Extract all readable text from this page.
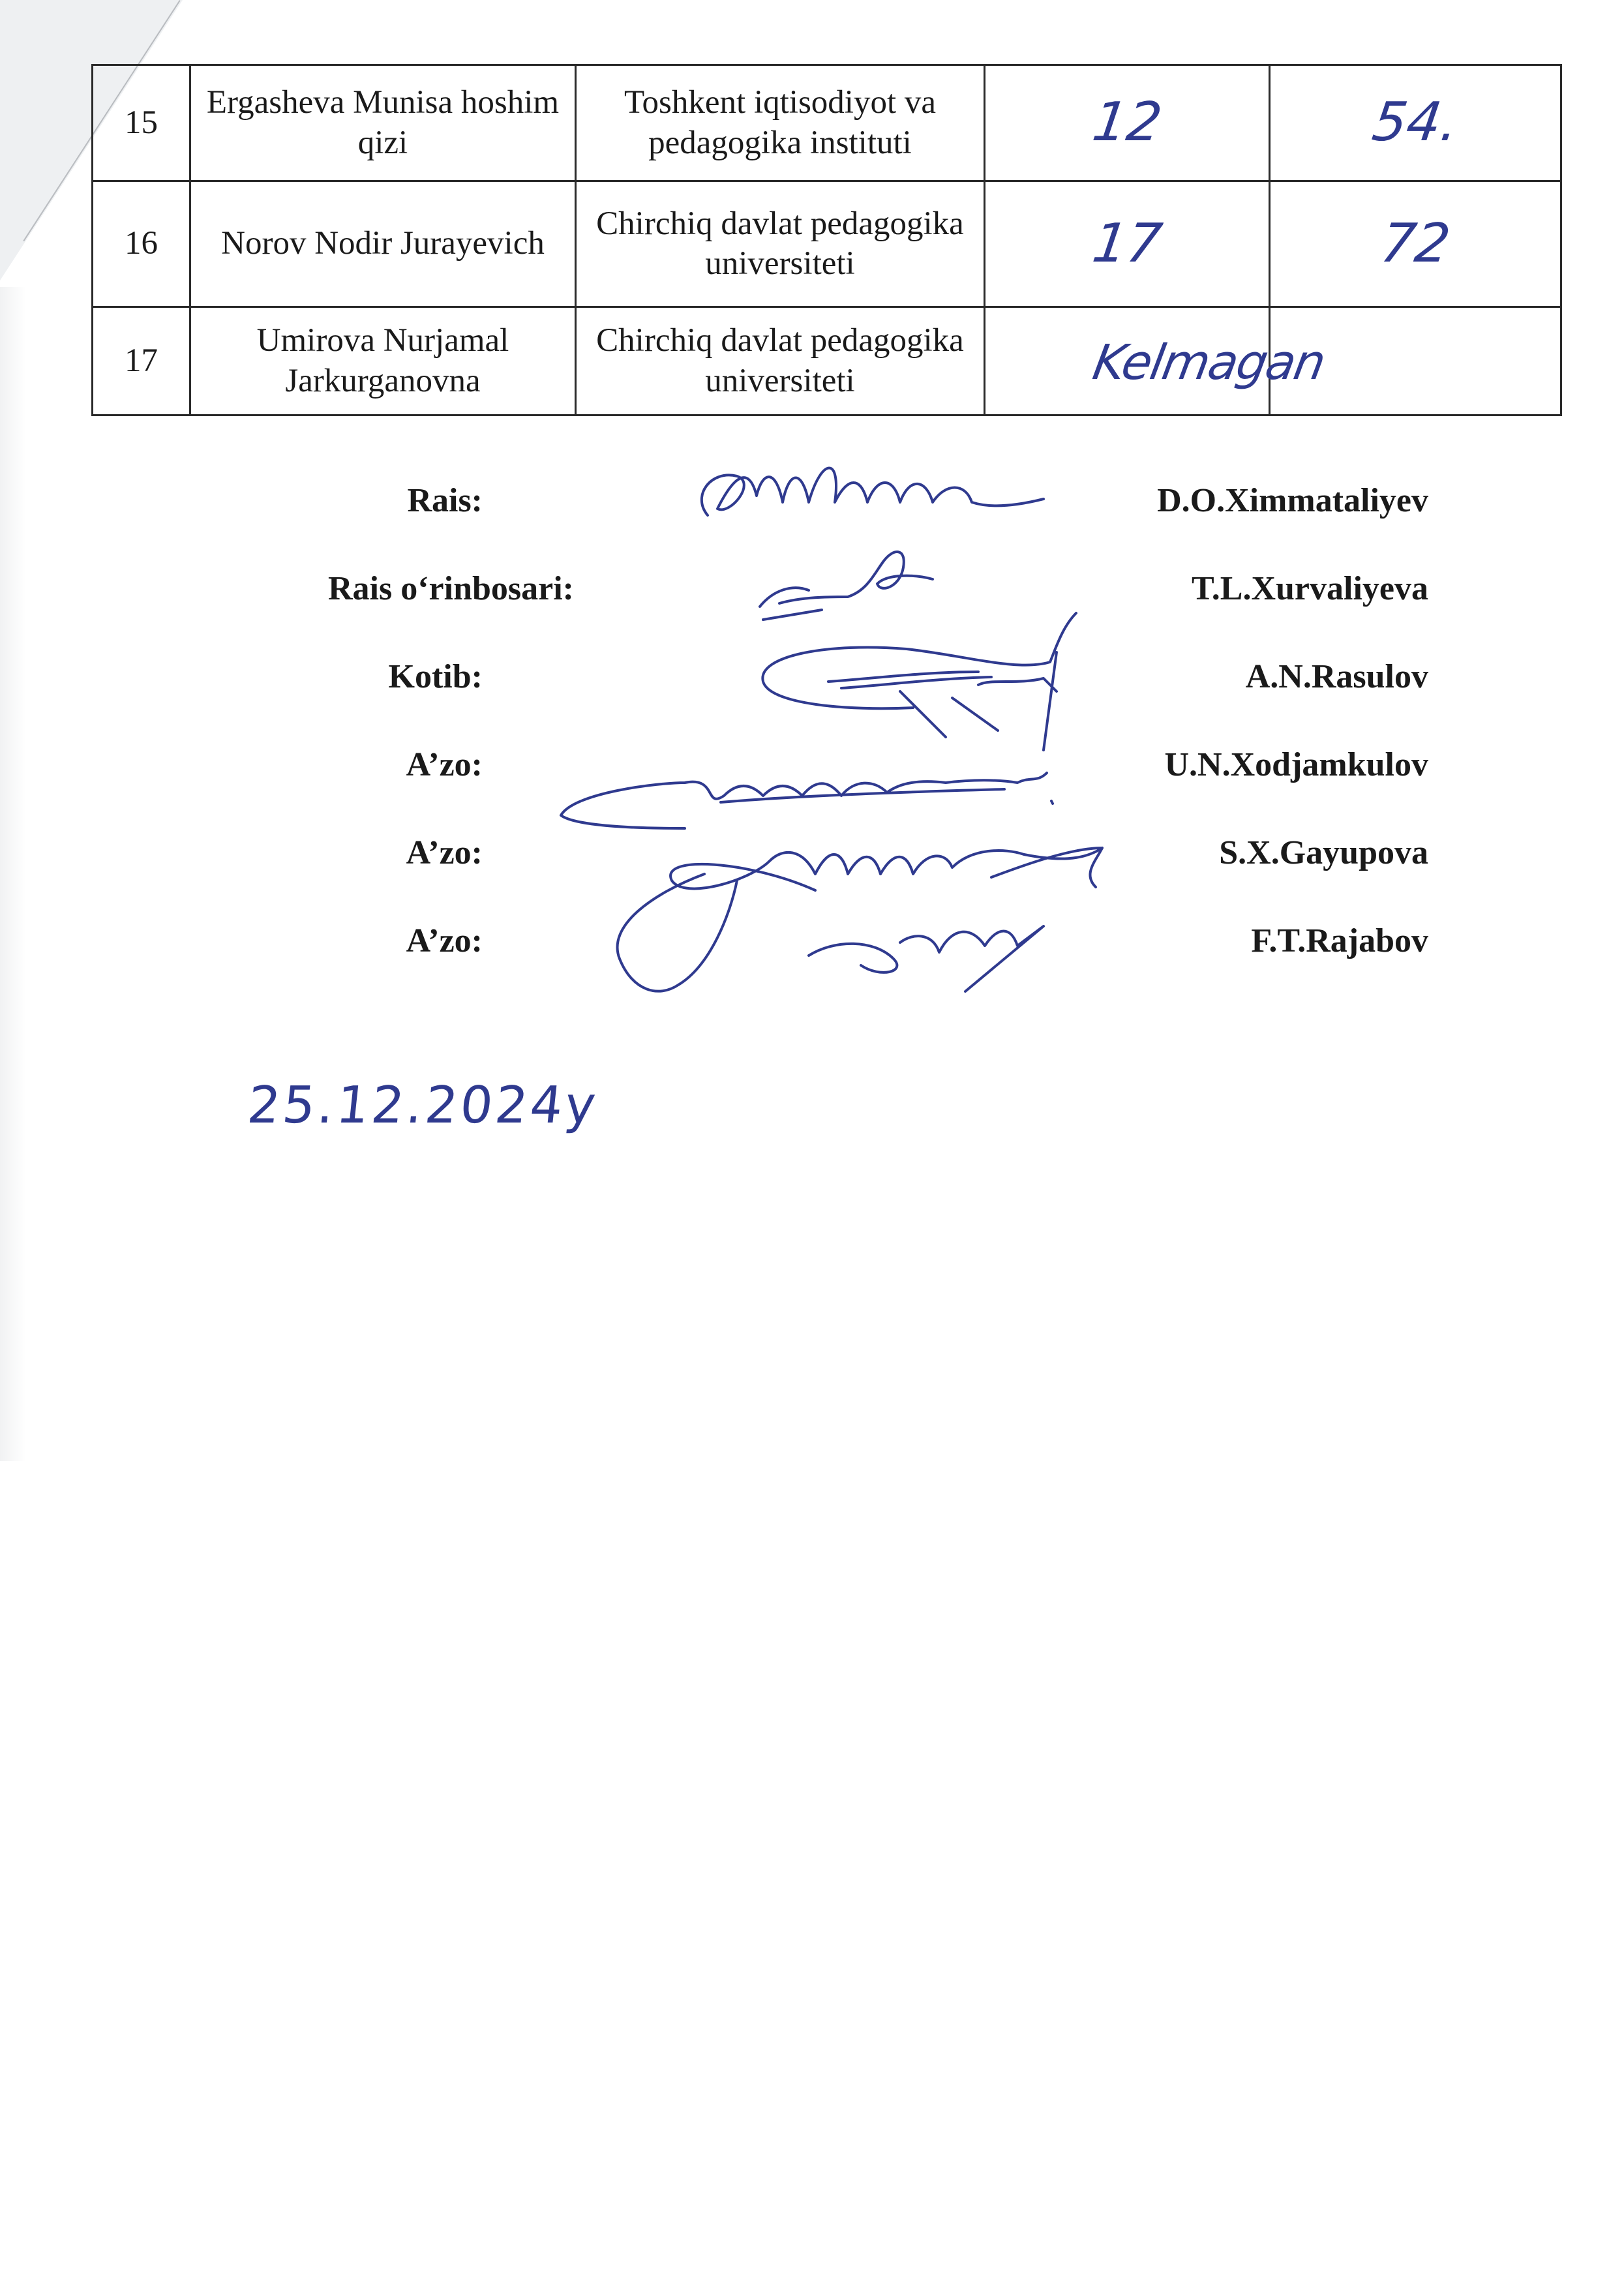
15	Ergasheva Munisa hoshim qizi	Toshkent iqtisodiyot va pedagogika instituti	12	54.
16	Norov Nodir Jurayevich	Chirchiq davlat pedagogika universiteti	17	72
17	Umirova Nurjamal Jarkurganovna	Chirchiq davlat pedagogika universiteti	Kelmagan	

Rais:	D.O.Ximmataliyev
Rais o‘rinbosari:	T.L.Xurvaliyeva
Kotib:	A.N.Rasulov
A’zo:	U.N.Xodjamkulov
A’zo:	S.X.Gayupova
A’zo:	F.T.Rajabov
25.12.2024y
